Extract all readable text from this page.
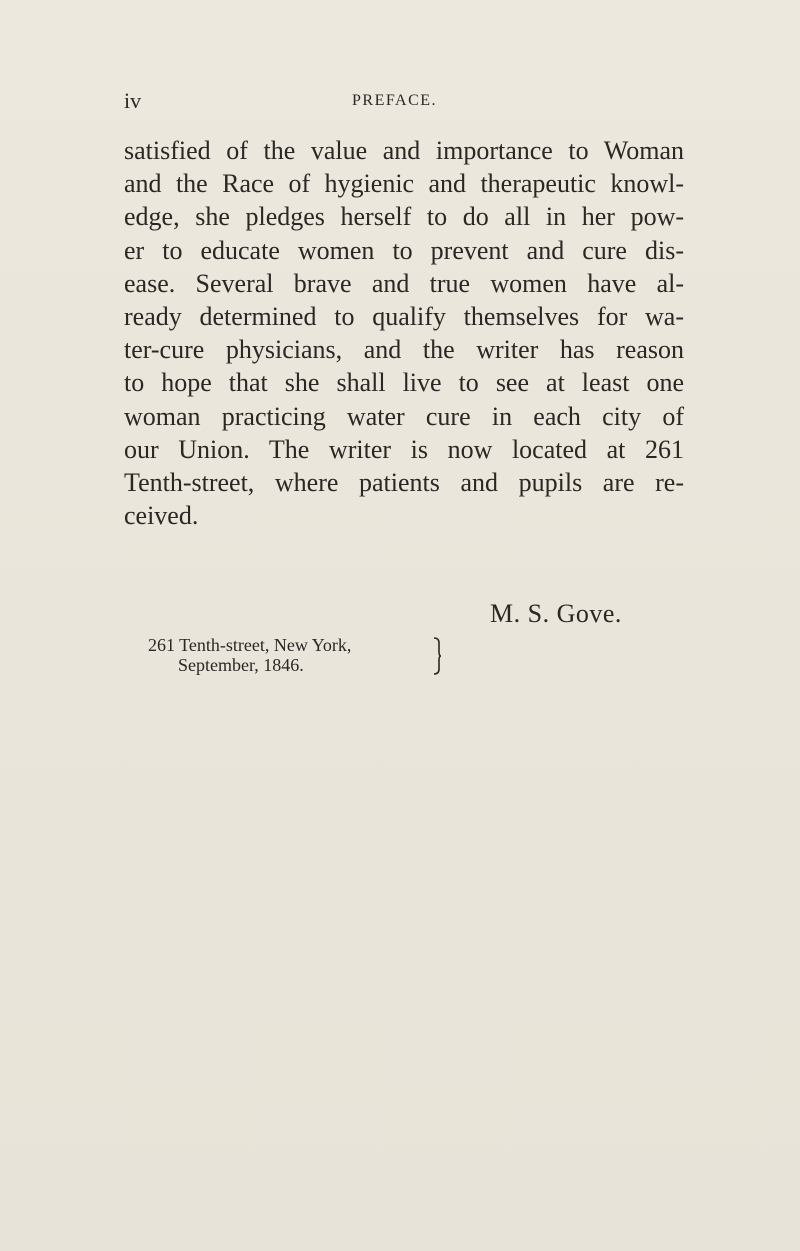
iv	PREFACE.
satisfied of the value and importance to Woman
and the Race of hygienic and therapeutic knowl-
edge, she pledges herself to do all in her pow-
er to educate women to prevent and cure dis-
ease. Several brave and true women have al-
ready determined to qualify themselves for wa-
ter-cure physicians, and the writer has reason
to hope that she shall live to see at least one
woman practicing water cure in each city of
our Union. The writer is now located at 261
Tenth-street, where patients and pupils are re-
ceived.
M. S. Gove.
261 Tenth-street, New York,
September, 1846.
